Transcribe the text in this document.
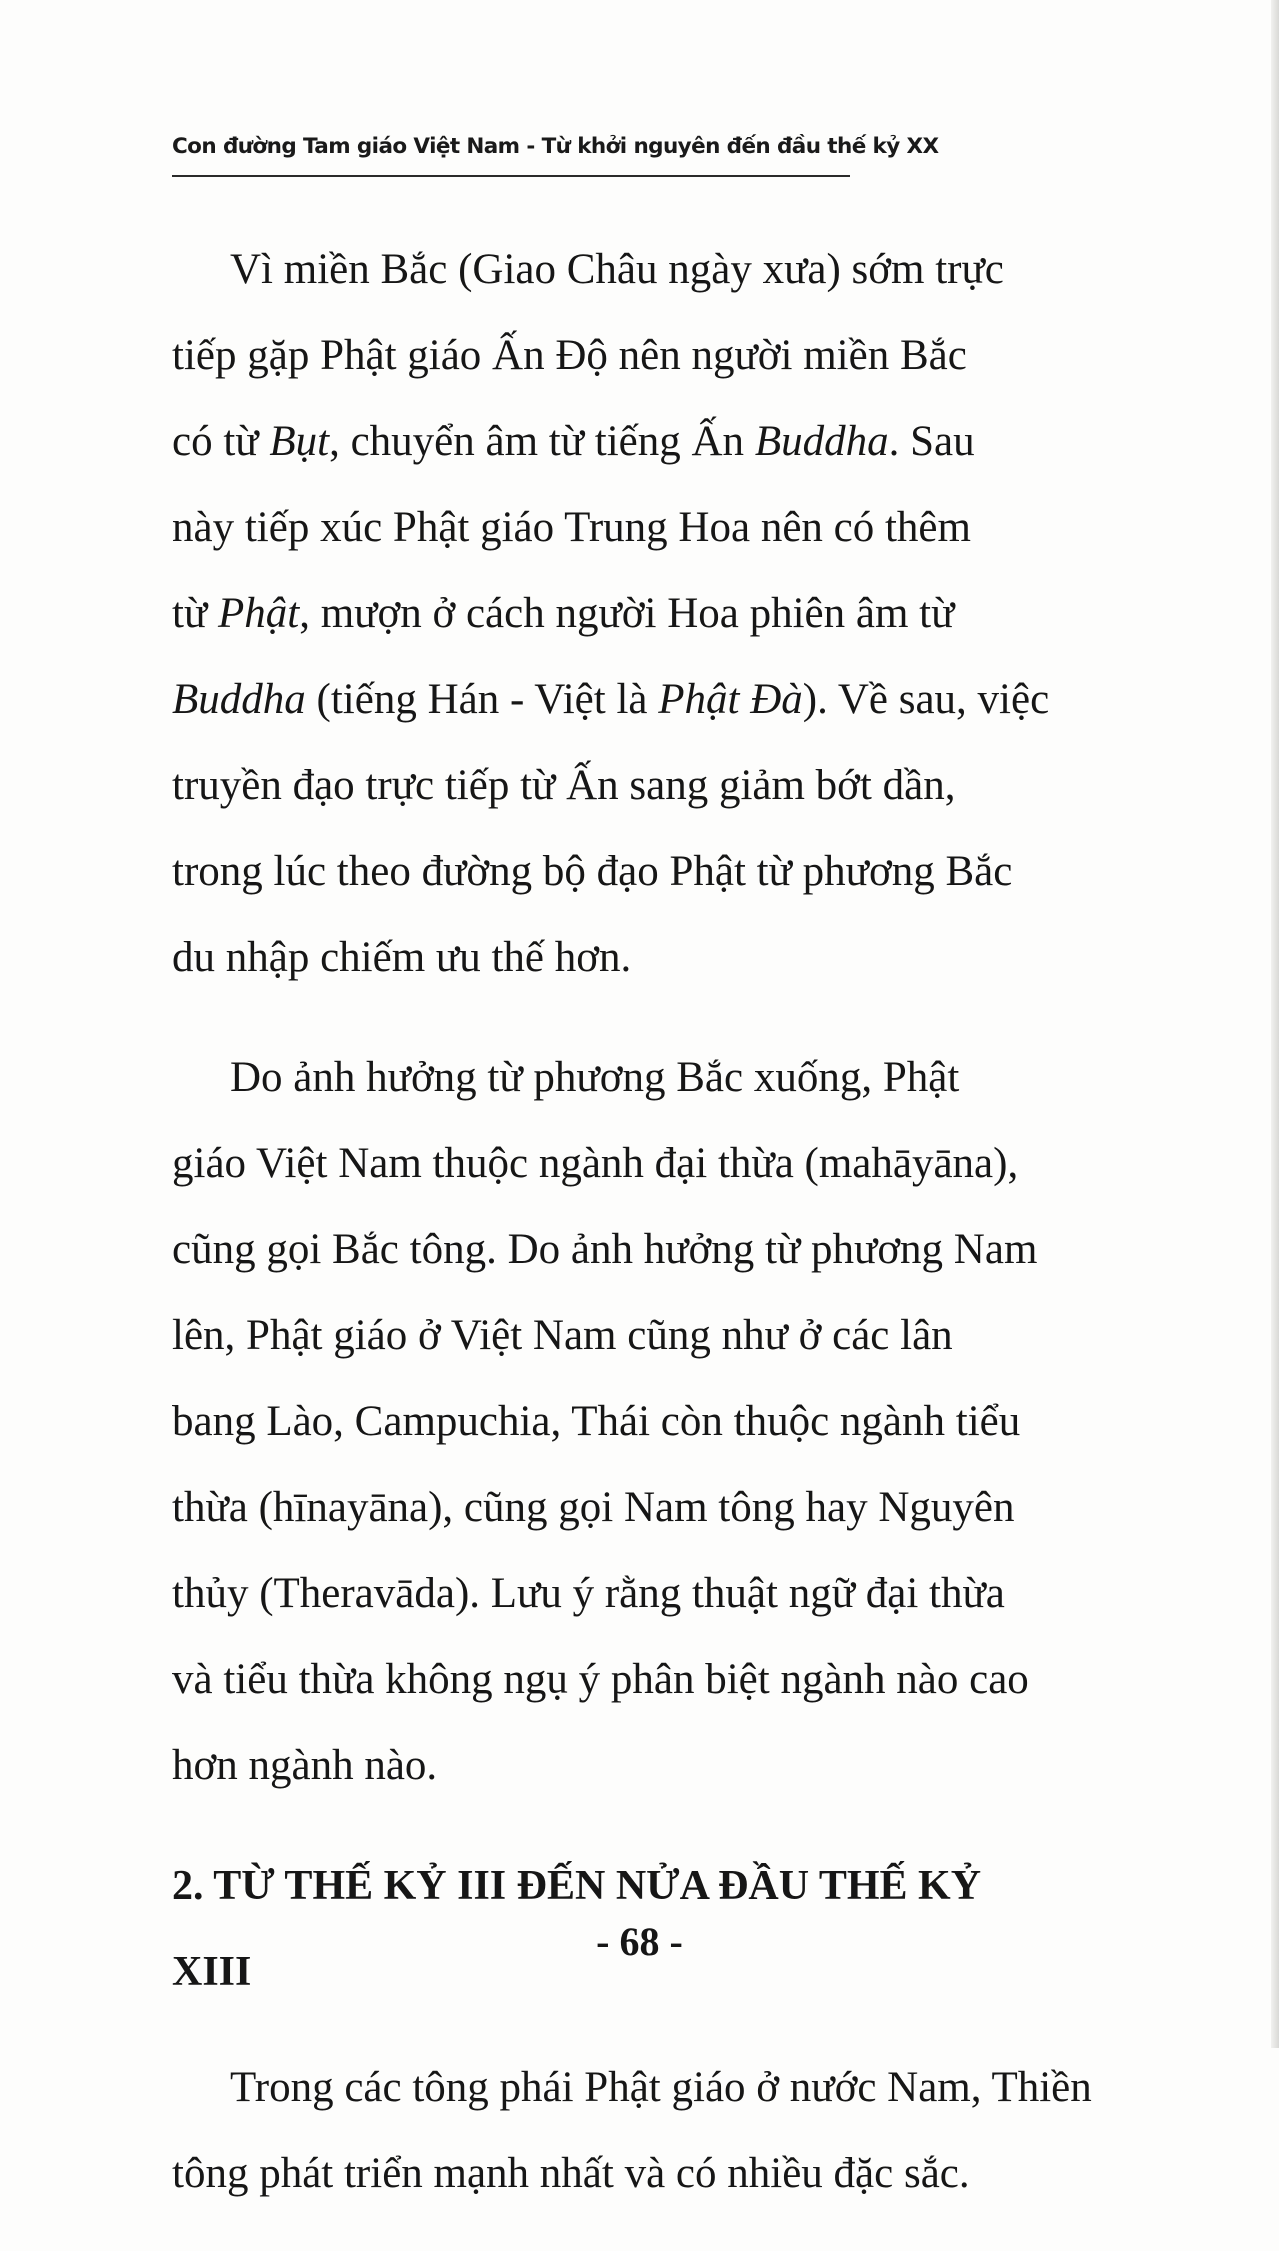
Con đường Tam giáo Việt Nam - Từ khởi nguyên đến đầu thế kỷ XX
Vì miền Bắc (Giao Châu ngày xưa) sớm trực
tiếp gặp Phật giáo Ấn Độ nên người miền Bắc
có từ Bụt, chuyển âm từ tiếng Ấn Buddha. Sau
này tiếp xúc Phật giáo Trung Hoa nên có thêm
từ Phật, mượn ở cách người Hoa phiên âm từ
Buddha (tiếng Hán - Việt là Phật Đà). Về sau, việc
truyền đạo trực tiếp từ Ấn sang giảm bớt dần,
trong lúc theo đường bộ đạo Phật từ phương Bắc
du nhập chiếm ưu thế hơn.
Do ảnh hưởng từ phương Bắc xuống, Phật
giáo Việt Nam thuộc ngành đại thừa (mahāyāna),
cũng gọi Bắc tông. Do ảnh hưởng từ phương Nam
lên, Phật giáo ở Việt Nam cũng như ở các lân
bang Lào, Campuchia, Thái còn thuộc ngành tiểu
thừa (hīnayāna), cũng gọi Nam tông hay Nguyên
thủy (Theravāda). Lưu ý rằng thuật ngữ đại thừa
và tiểu thừa không ngụ ý phân biệt ngành nào cao
hơn ngành nào.
2. TỪ THẾ KỶ III ĐẾN NỬA ĐẦU THẾ KỶ
XIII
Trong các tông phái Phật giáo ở nước Nam, Thiền
tông phát triển mạnh nhất và có nhiều đặc sắc.
- 68 -
